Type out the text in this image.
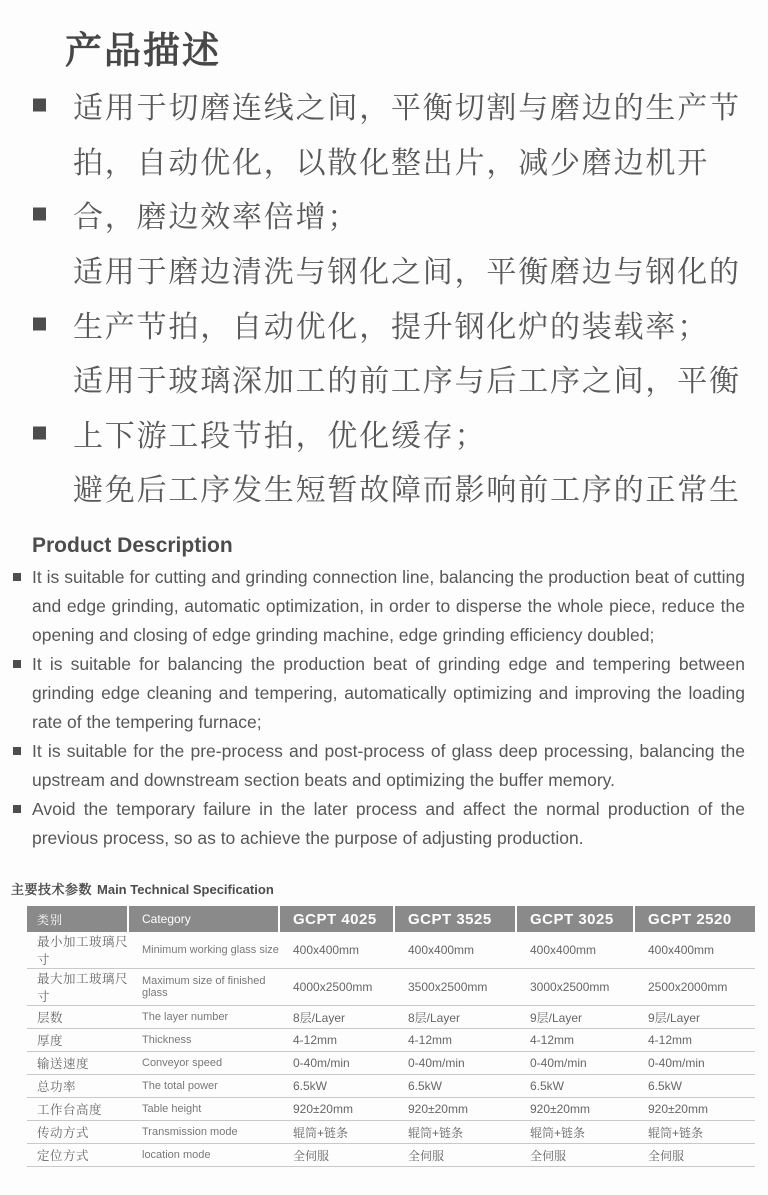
产品描述
适用于切磨连线之间，平衡切割与磨边的生产节
拍，自动优化，以散化整出片，减少磨边机开
合，磨边效率倍增；
适用于磨边清洗与钢化之间，平衡磨边与钢化的
生产节拍，自动优化，提升钢化炉的装载率；
适用于玻璃深加工的前工序与后工序之间，平衡
上下游工段节拍，优化缓存；
避免后工序发生短暂故障而影响前工序的正常生
Product Description
It is suitable for cutting and grinding connection line, balancing the production beat of cutting and edge grinding, automatic optimization, in order to disperse the whole piece, reduce the opening and closing of edge grinding machine, edge grinding efficiency doubled;
It is suitable for balancing the production beat of grinding edge and tempering between grinding edge cleaning and tempering, automatically optimizing and improving the loading rate of the tempering furnace;
It is suitable for the pre-process and post-process of glass deep processing, balancing the upstream and downstream section beats and optimizing the buffer memory.
Avoid the temporary failure in the later process and affect the normal production of the previous process, so as to achieve the purpose of adjusting production.
主要技术参数 Main Technical Specification
类别	Category	GCPT 4025	GCPT 3525	GCPT 3025	GCPT 2520
最小加工玻璃尺寸	Minimum working glass size	400x400mm	400x400mm	400x400mm	400x400mm
最大加工玻璃尺寸	Maximum size of finished glass	4000x2500mm	3500x2500mm	3000x2500mm	2500x2000mm
层数	The layer number	8层/Layer	8层/Layer	9层/Layer	9层/Layer
厚度	Thickness	4-12mm	4-12mm	4-12mm	4-12mm
输送速度	Conveyor speed	0-40m/min	0-40m/min	0-40m/min	0-40m/min
总功率	The total power	6.5kW	6.5kW	6.5kW	6.5kW
工作台高度	Table height	920±20mm	920±20mm	920±20mm	920±20mm
传动方式	Transmission mode	辊筒+链条	辊筒+链条	辊筒+链条	辊筒+链条
定位方式	location mode	全伺服	全伺服	全伺服	全伺服
